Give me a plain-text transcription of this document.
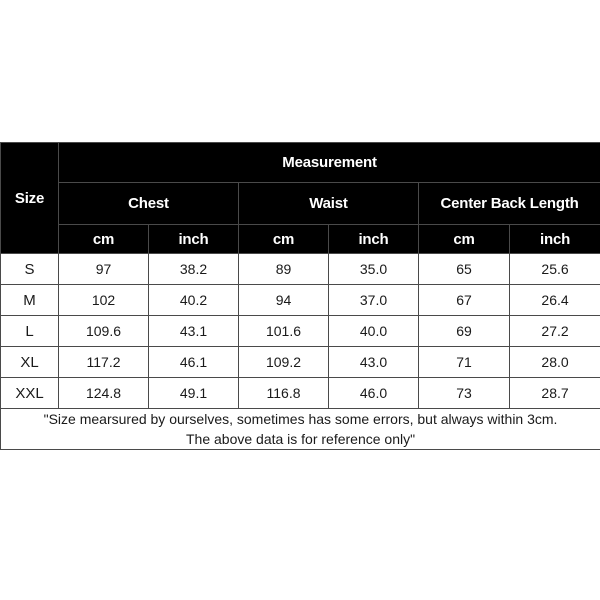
Size	Measurement					
	Chest		Waist		Center Back Length	
	cm	inch	cm	inch	cm	inch
S	97	38.2	89	35.0	65	25.6
M	102	40.2	94	37.0	67	26.4
L	109.6	43.1	101.6	40.0	69	27.2
XL	117.2	46.1	109.2	43.0	71	28.0
XXL	124.8	49.1	116.8	46.0	73	28.7

"Size mearsured by ourselves, sometimes has some errors, but always within 3cm.
The above data is for reference only"						
